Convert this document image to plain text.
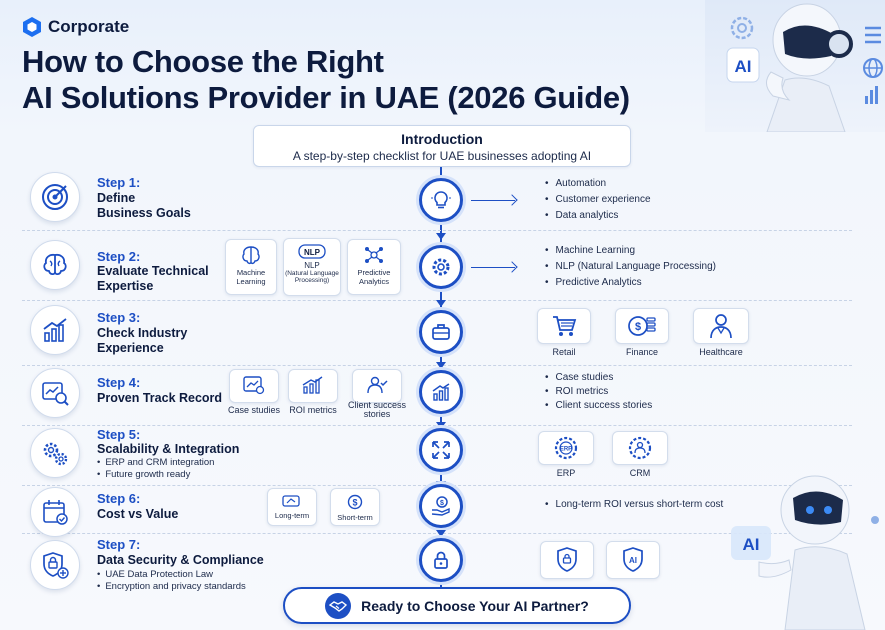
Corporate
How to Choose the Right
AI Solutions Provider in UAE (2026 Guide)
AI
Introduction
A step-by-step checklist for UAE businesses adopting AI
Step 1:
Define
Business Goals
• Automation
• Customer experience
• Data analytics
Step 2:
Evaluate Technical
Expertise
Machine
Learning
NLP
NLP
(Natural Language
Processing)
Predictive
Analytics
• Machine Learning
• NLP (Natural Language Processing)
• Predictive Analytics
Step 3:
Check Industry
Experience	Retail
$
Finance	Healthcare
Step 4:
Proven Track Record
Case studies	ROI metrics	Client success
stories
• Case studies
• ROI metrics
• Client success stories
Step 5:
Scalability & Integration
• ERP and CRM integration
• Future growth ready
ERP
ERP	CRM
Step 6:
Cost vs Value	Long-term
$
Short-term
$
•	Long-term ROI versus short-term cost
Step 7:
Data Security & Compliance
• UAE Data Protection Law
• Encryption and privacy standards
AI
AI
Ready to Choose Your AI Partner?
